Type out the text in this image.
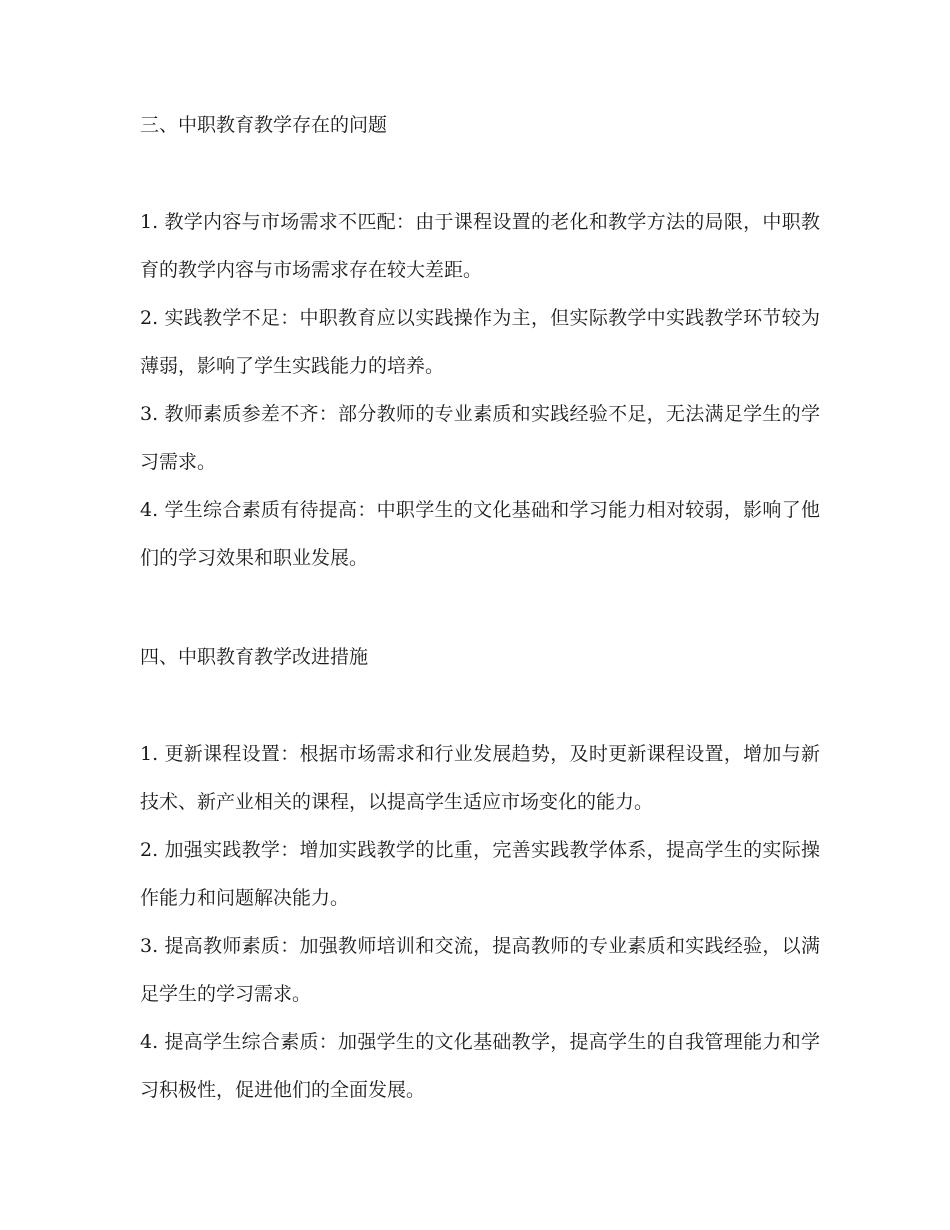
三、中职教育教学存在的问题
1. 教学内容与市场需求不匹配：由于课程设置的老化和教学方法的局限，中职教育的教学内容与市场需求存在较大差距。
2. 实践教学不足：中职教育应以实践操作为主，但实际教学中实践教学环节较为薄弱，影响了学生实践能力的培养。
3. 教师素质参差不齐：部分教师的专业素质和实践经验不足，无法满足学生的学习需求。
4. 学生综合素质有待提高：中职学生的文化基础和学习能力相对较弱，影响了他们的学习效果和职业发展。
四、中职教育教学改进措施
1. 更新课程设置：根据市场需求和行业发展趋势，及时更新课程设置，增加与新技术、新产业相关的课程，以提高学生适应市场变化的能力。
2. 加强实践教学：增加实践教学的比重，完善实践教学体系，提高学生的实际操作能力和问题解决能力。
3. 提高教师素质：加强教师培训和交流，提高教师的专业素质和实践经验，以满足学生的学习需求。
4. 提高学生综合素质：加强学生的文化基础教学，提高学生的自我管理能力和学习积极性，促进他们的全面发展。
